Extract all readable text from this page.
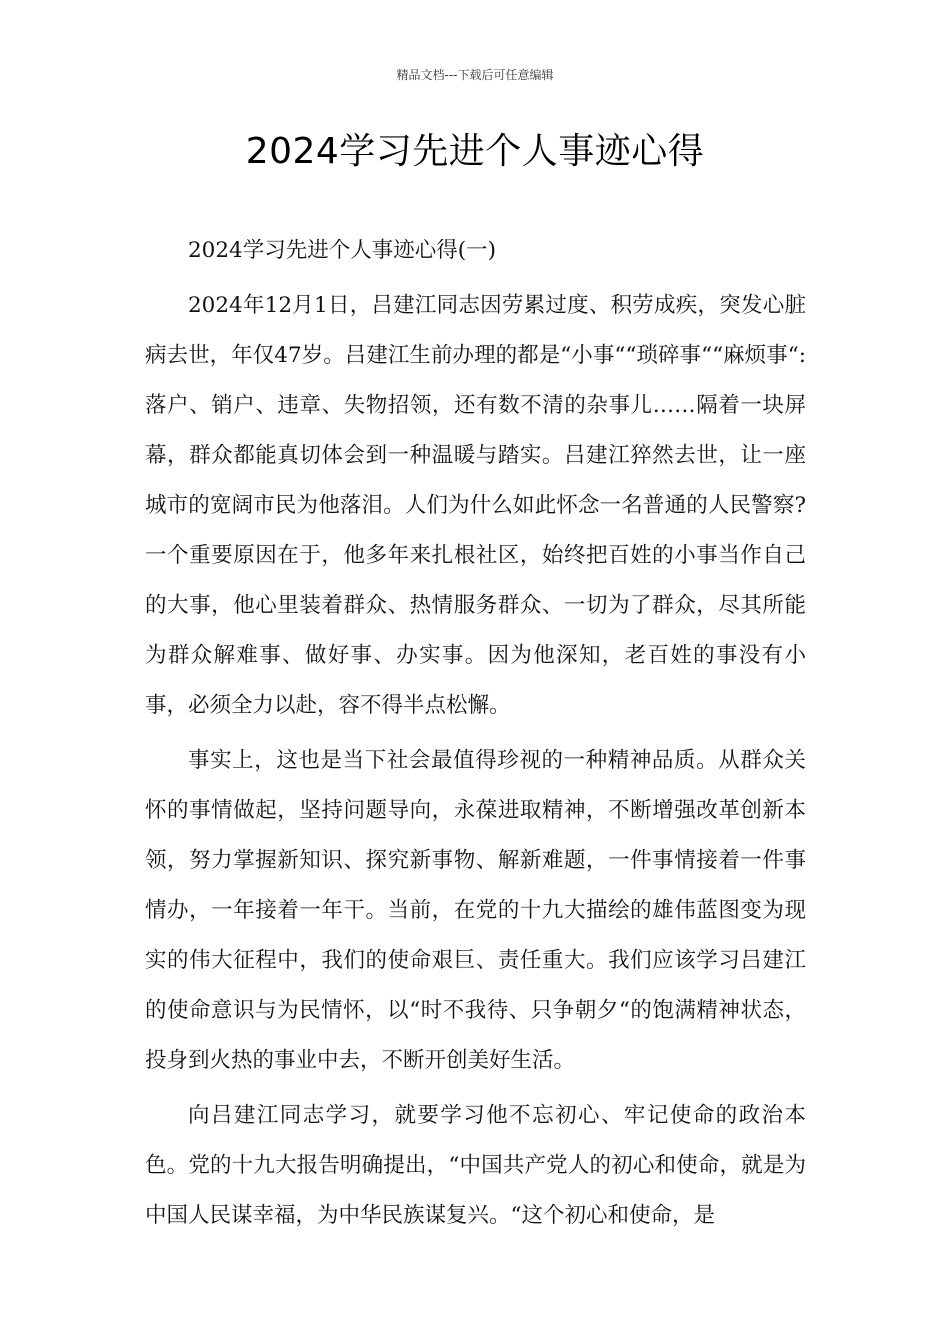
精品文档---下载后可任意编辑
2024学习先进个人事迹心得

2024学习先进个人事迹心得(一)

2024年12月1日，吕建江同志因劳累过度、积劳成疾，突发心脏病去世，年仅47岁。吕建江生前办理的都是“小事““琐碎事““麻烦事“:落户、销户、违章、失物招领，还有数不清的杂事儿……隔着一块屏幕，群众都能真切体会到一种温暖与踏实。吕建江猝然去世，让一座城市的宽阔市民为他落泪。人们为什么如此怀念一名普通的人民警察?一个重要原因在于，他多年来扎根社区，始终把百姓的小事当作自己的大事，他心里装着群众、热情服务群众、一切为了群众，尽其所能为群众解难事、做好事、办实事。因为他深知，老百姓的事没有小事，必须全力以赴，容不得半点松懈。

事实上，这也是当下社会最值得珍视的一种精神品质。从群众关怀的事情做起，坚持问题导向，永葆进取精神，不断增强改革创新本领，努力掌握新知识、探究新事物、解新难题，一件事情接着一件事情办，一年接着一年干。当前，在党的十九大描绘的雄伟蓝图变为现实的伟大征程中，我们的使命艰巨、责任重大。我们应该学习吕建江的使命意识与为民情怀，以“时不我待、只争朝夕“的饱满精神状态，投身到火热的事业中去，不断开创美好生活。

向吕建江同志学习，就要学习他不忘初心、牢记使命的政治本色。党的十九大报告明确提出，“中国共产党人的初心和使命，就是为中国人民谋幸福，为中华民族谋复兴。“这个初心和使命，是
